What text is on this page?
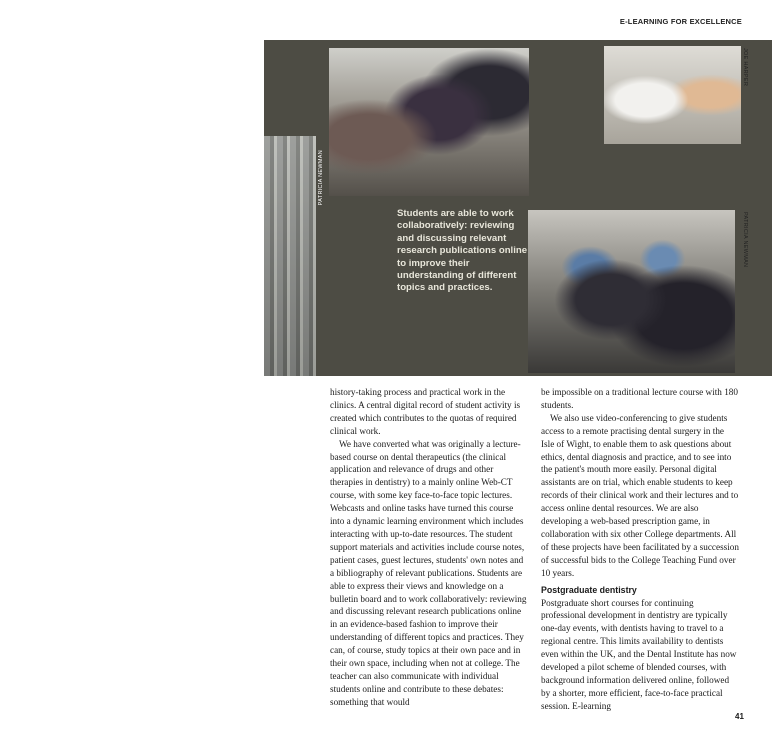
E-LEARNING FOR EXCELLENCE
PATRICIA NEWMAN
JOE HARPER
PATRICIA NEWMAN
Students are able to work collaboratively: reviewing and discussing relevant research publications online to improve their understanding of different topics and practices.

history-taking process and practical work in the clinics. A central digital record of student activity is created which contributes to the quotas of required clinical work.

We have converted what was originally a lecture-based course on dental therapeutics (the clinical application and relevance of drugs and other therapies in dentistry) to a mainly online Web-CT course, with some key face-to-face topic lectures. Webcasts and online tasks have turned this course into a dynamic learning environment which includes interacting with up-to-date resources. The student support materials and activities include course notes, patient cases, guest lectures, students' own notes and a bibliography of relevant publications. Students are able to express their views and knowledge on a bulletin board and to work collaboratively: reviewing and discussing relevant research publications online in an evidence-based fashion to improve their understanding of different topics and practices. They can, of course, study topics at their own pace and in their own space, including when not at college. The teacher can also communicate with individual students online and contribute to these debates: something that would

be impossible on a traditional lecture course with 180 students.

We also use video-conferencing to give students access to a remote practising dental surgery in the Isle of Wight, to enable them to ask questions about ethics, dental diagnosis and practice, and to see into the patient's mouth more easily. Personal digital assistants are on trial, which enable students to keep records of their clinical work and their lectures and to access online dental resources. We are also developing a web-based prescription game, in collaboration with six other College departments. All of these projects have been facilitated by a succession of successful bids to the College Teaching Fund over 10 years.

Postgraduate dentistry

Postgraduate short courses for continuing professional development in dentistry are typically one-day events, with dentists having to travel to a regional centre. This limits availability to dentists even within the UK, and the Dental Institute has now developed a pilot scheme of blended courses, with background information delivered online, followed by a shorter, more efficient, face-to-face practical session. E-learning

41
